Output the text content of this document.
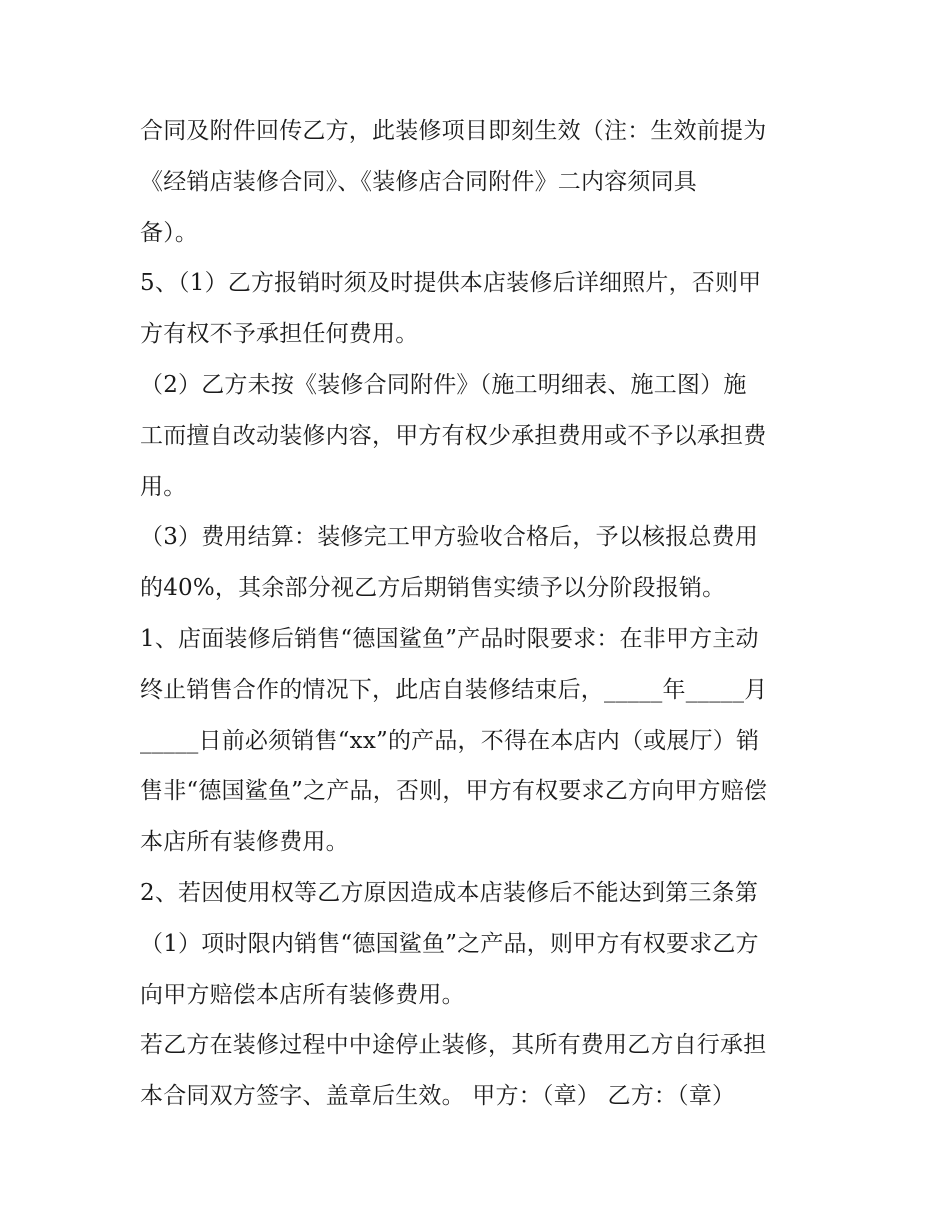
合同及附件回传乙方，此装修项目即刻生效（注：生效前提为
《经销店装修合同》、《装修店合同附件》二内容须同具
备）。
5、（1）乙方报销时须及时提供本店装修后详细照片，否则甲
方有权不予承担任何费用。
（2）乙方未按《装修合同附件》（施工明细表、施工图）施
工而擅自改动装修内容，甲方有权少承担费用或不予以承担费
用。
（3）费用结算：装修完工甲方验收合格后，予以核报总费用
的40%，其余部分视乙方后期销售实绩予以分阶段报销。
1、店面装修后销售“德国鲨鱼”产品时限要求：在非甲方主动
终止销售合作的情况下，此店自装修结束后，_____年_____月
_____日前必须销售“xx”的产品，不得在本店内（或展厅）销
售非“德国鲨鱼”之产品，否则，甲方有权要求乙方向甲方赔偿
本店所有装修费用。
2、若因使用权等乙方原因造成本店装修后不能达到第三条第
（1）项时限内销售“德国鲨鱼”之产品，则甲方有权要求乙方
向甲方赔偿本店所有装修费用。
若乙方在装修过程中中途停止装修，其所有费用乙方自行承担
本合同双方签字、盖章后生效。 甲方：（章） 乙方：（章）
